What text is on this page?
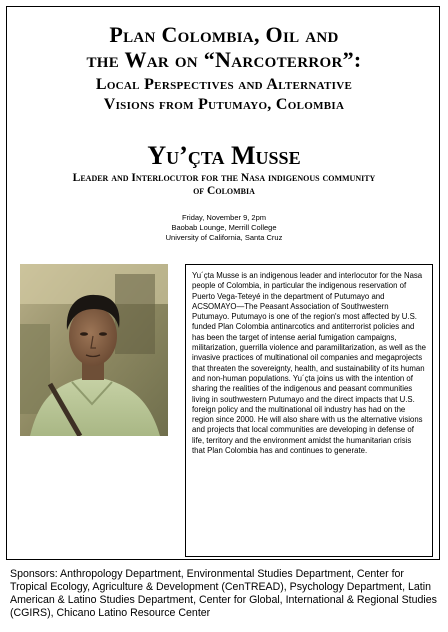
Plan Colombia, Oil and
the War on “Narcoterror”:
Local Perspectives and Alternative
Visions from Putumayo, Colombia
Yu’çta Musse
Leader and Interlocutor for the Nasa indigenous community
of Colombia
Friday, November 9, 2pm
Baobab Lounge, Merrill College
University of California, Santa Cruz
Yu´çta Musse is an indigenous leader and interlocutor for the Nasa people of Colombia, in particular the indigenous reservation of Puerto Vega-Teteyé in the department of Putumayo and ACSOMAYO—The Peasant Association of Southwestern Putumayo. Putumayo is one of the region's most affected by U.S. funded Plan Colombia antinarcotics and antiterrorist policies and has been the target of intense aerial fumigation campaigns, militarization, guerrilla violence and paramilitarization, as well as the invasive practices of multinational oil companies and megaprojects that threaten the sovereignty, health, and sustainability of its human and non-human populations. Yu´çta joins us with the intention of sharing the realities of the indigenous and peasant communities living in southwestern Putumayo and the direct impacts that U.S. foreign policy and the multinational oil industry has had on the region since 2000. He will also share with us the alternative visions and projects that local communities are developing in defense of life, territory and the environment amidst the humanitarian crisis that Plan Colombia has and continues to generate.
Sponsors: Anthropology Department, Environmental Studies Department, Center for Tropical Ecology, Agriculture & Development (CenTREAD), Psychology Department, Latin American & Latino Studies Department, Center for Global, International & Regional Studies (CGIRS), Chicano Latino Resource Center
